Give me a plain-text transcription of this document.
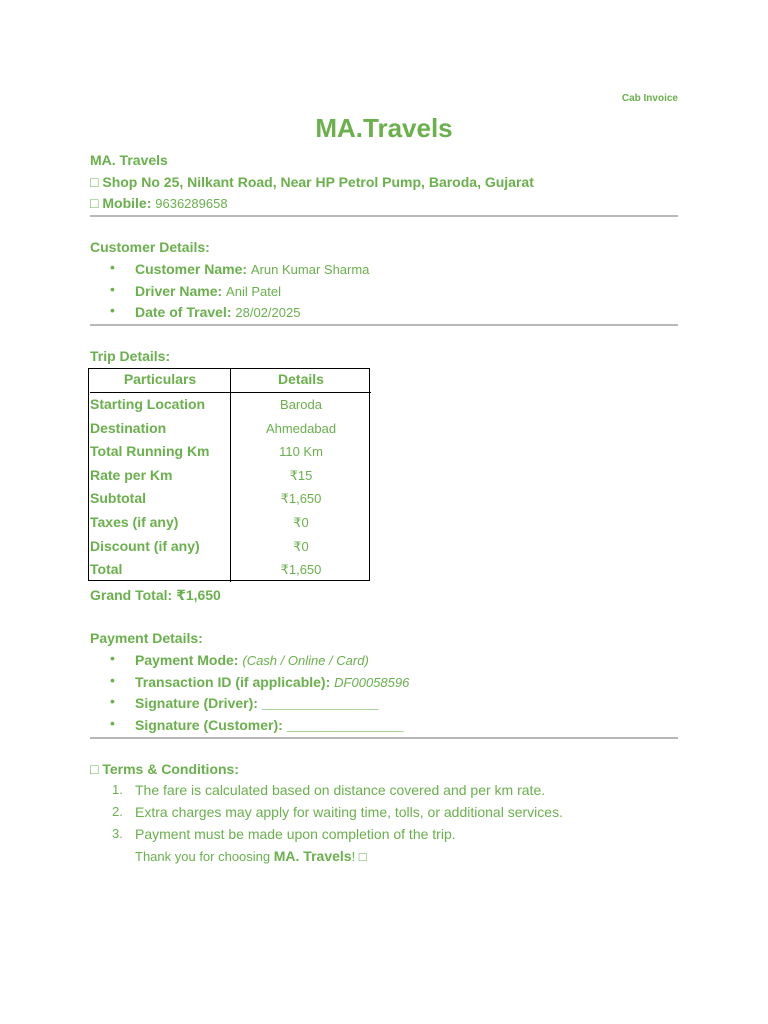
Cab Invoice
MA.Travels
MA. Travels
□ Shop No 25, Nilkant Road, Near HP Petrol Pump, Baroda, Gujarat
□ Mobile: 9636289658
Customer Details:
• Customer Name: Arun Kumar Sharma
• Driver Name: Anil Patel
• Date of Travel: 28/02/2025
Trip Details:
Particulars	Details
Starting Location	Baroda
Destination	Ahmedabad
Total Running Km	110 Km
Rate per Km	₹15
Subtotal	₹1,650
Taxes (if any)	₹0
Discount (if any)	₹0
Total	₹1,650
Grand Total: ₹1,650
Payment Details:
• Payment Mode: (Cash / Online / Card)
• Transaction ID (if applicable): DF00058596
• Signature (Driver): _______________
• Signature (Customer): _______________
□ Terms & Conditions:
1. The fare is calculated based on distance covered and per km rate.
2. Extra charges may apply for waiting time, tolls, or additional services.
3. Payment must be made upon completion of the trip.
Thank you for choosing MA. Travels! □
